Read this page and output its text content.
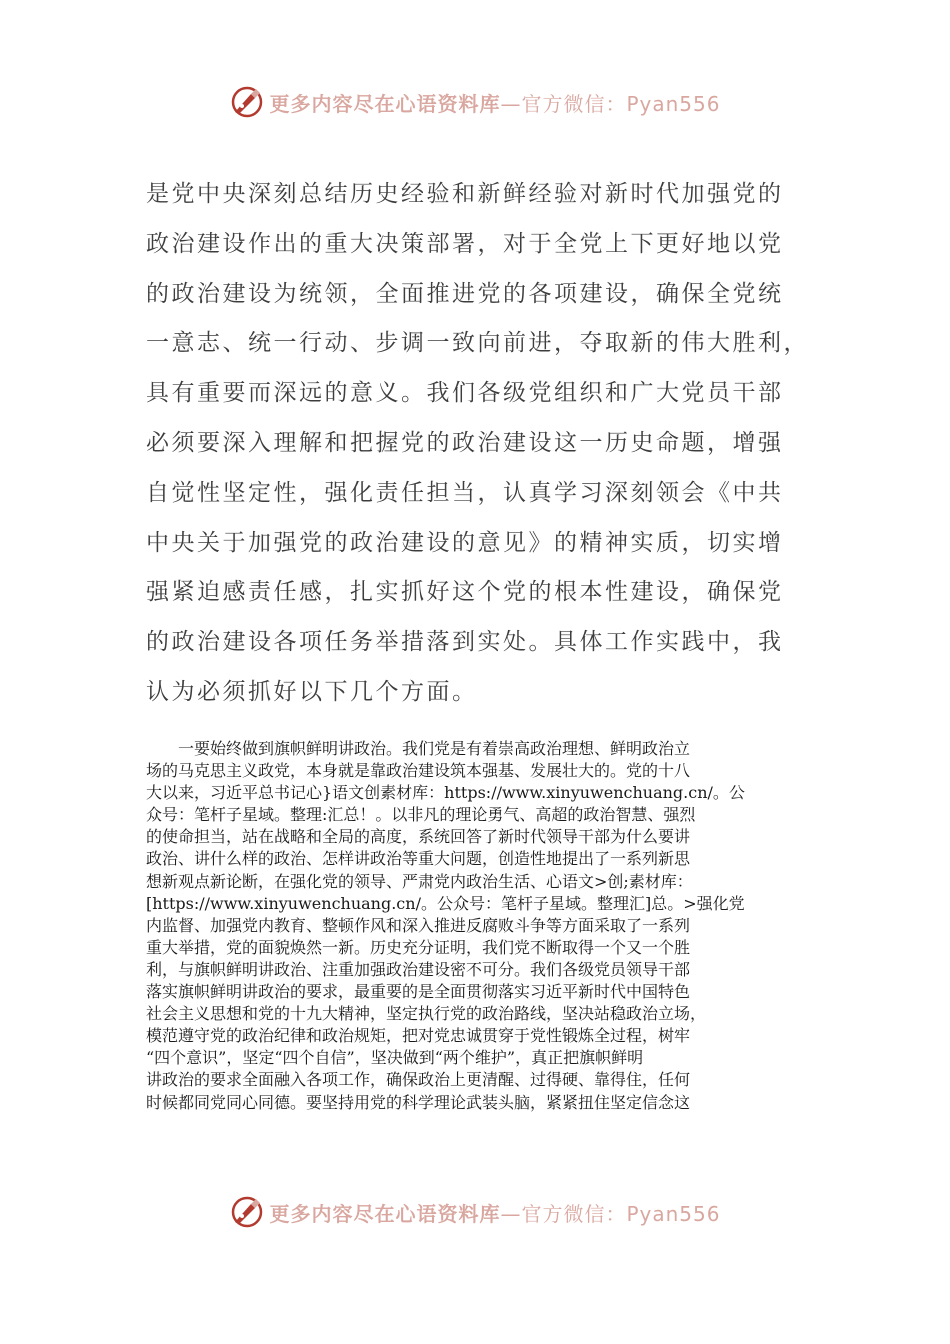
更多内容尽在心语资料库—官方微信：Pyan556
是党中央深刻总结历史经验和新鲜经验对新时代加强党的
政治建设作出的重大决策部署，对于全党上下更好地以党
的政治建设为统领，全面推进党的各项建设，确保全党统
一意志、统一行动、步调一致向前进，夺取新的伟大胜利，
具有重要而深远的意义。我们各级党组织和广大党员干部
必须要深入理解和把握党的政治建设这一历史命题，增强
自觉性坚定性，强化责任担当，认真学习深刻领会《中共
中央关于加强党的政治建设的意见》的精神实质，切实增
强紧迫感责任感，扎实抓好这个党的根本性建设，确保党
的政治建设各项任务举措落到实处。具体工作实践中，我
认为必须抓好以下几个方面。
　　一要始终做到旗帜鲜明讲政治。我们党是有着崇高政治理想、鲜明政治立
场的马克思主义政党，本身就是靠政治建设筑本强基、发展壮大的。党的十八
大以来，习近平总书记心}语文创素材库：https://www.xinyuwenchuang.cn/。公
众号：笔杆子星域。整理:汇总！。以非凡的理论勇气、高超的政治智慧、强烈
的使命担当，站在战略和全局的高度，系统回答了新时代领导干部为什么要讲
政治、讲什么样的政治、怎样讲政治等重大问题，创造性地提出了一系列新思
想新观点新论断，在强化党的领导、严肃党内政治生活、心语文>创;素材库：
[https://www.xinyuwenchuang.cn/。公众号：笔杆子星域。整理汇]总。>强化党
内监督、加强党内教育、整顿作风和深入推进反腐败斗争等方面采取了一系列
重大举措，党的面貌焕然一新。历史充分证明，我们党不断取得一个又一个胜
利，与旗帜鲜明讲政治、注重加强政治建设密不可分。我们各级党员领导干部
落实旗帜鲜明讲政治的要求，最重要的是全面贯彻落实习近平新时代中国特色
社会主义思想和党的十九大精神，坚定执行党的政治路线，坚决站稳政治立场，
模范遵守党的政治纪律和政治规矩，把对党忠诚贯穿于党性锻炼全过程，树牢
“四个意识”，坚定“四个自信”，坚决做到“两个维护”，真正把旗帜鲜明
讲政治的要求全面融入各项工作，确保政治上更清醒、过得硬、靠得住，任何
时候都同党同心同德。要坚持用党的科学理论武装头脑，紧紧扭住坚定信念这
更多内容尽在心语资料库—官方微信：Pyan556
